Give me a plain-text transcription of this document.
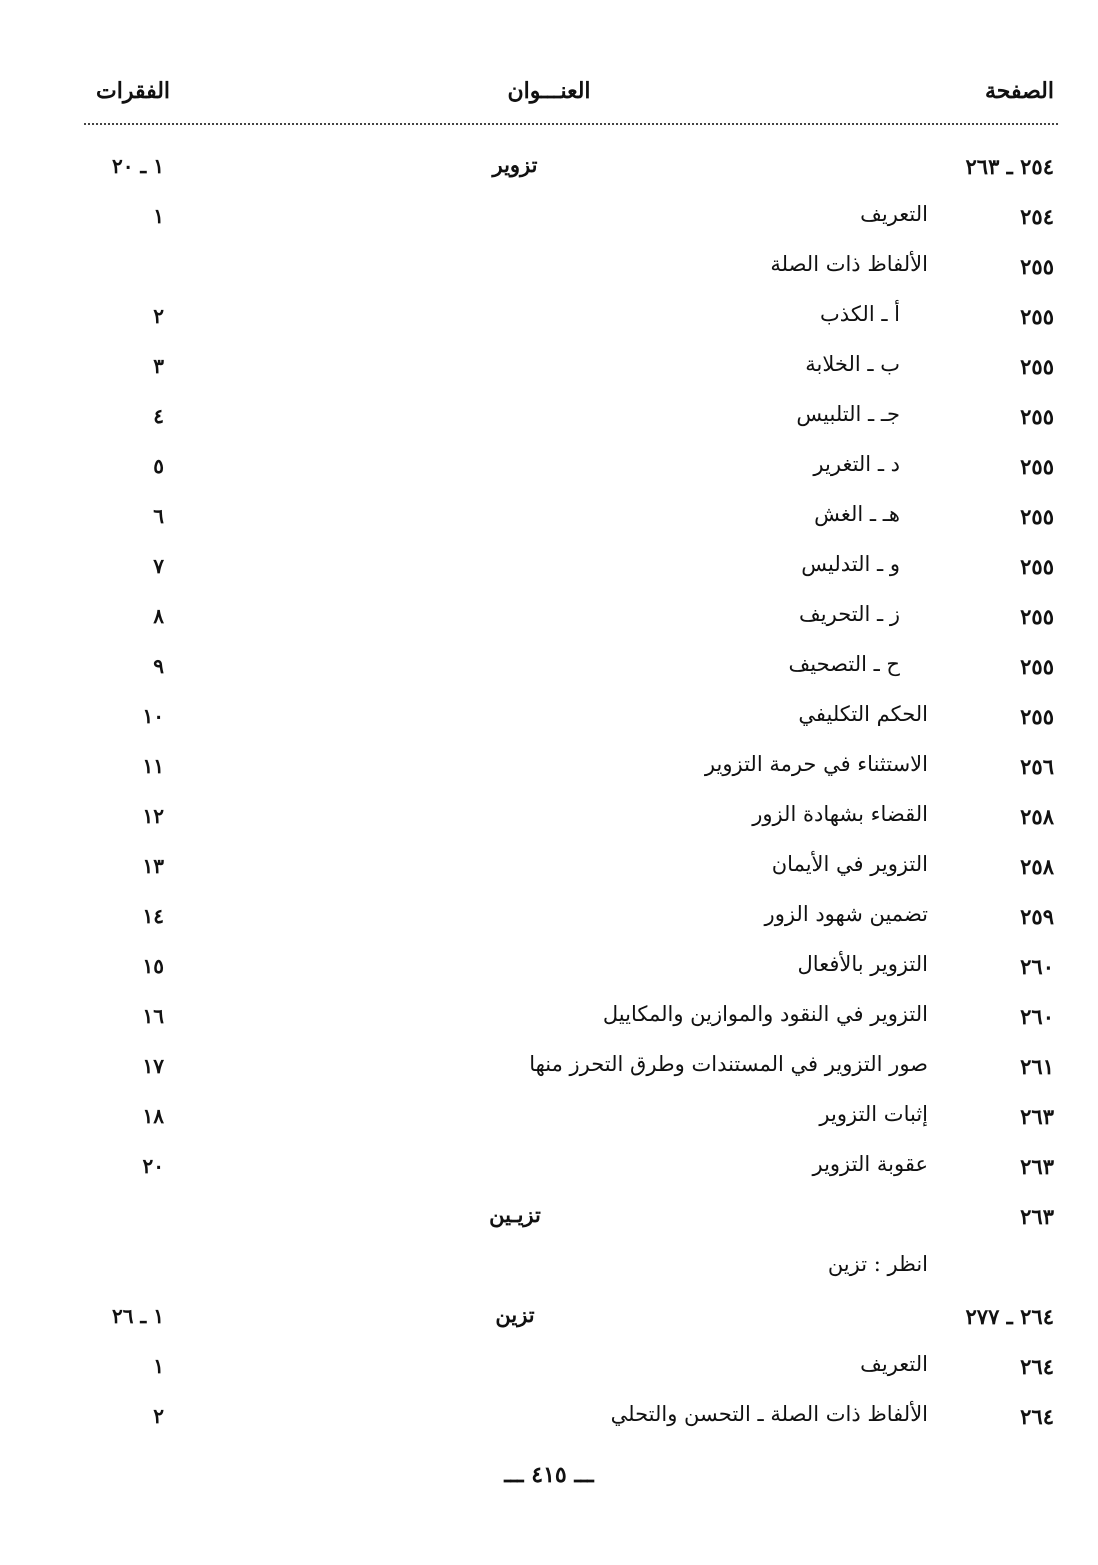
الصفحة
العنـــوان
الفقرات
٢٥٤ ـ ٢٦٣
تزوير
١ ـ ٢٠
٢٥٤
التعريف
١
٢٥٥
الألفاظ ذات الصلة
٢٥٥
أ ـ الكذب
٢
٢٥٥
ب ـ الخلابة
٣
٢٥٥
جـ ـ التلبيس
٤
٢٥٥
د ـ التغرير
٥
٢٥٥
هـ ـ الغش
٦
٢٥٥
و ـ التدليس
٧
٢٥٥
ز ـ التحريف
٨
٢٥٥
ح ـ التصحيف
٩
٢٥٥
الحكم التكليفي
١٠
٢٥٦
الاستثناء في حرمة التزوير
١١
٢٥٨
القضاء بشهادة الزور
١٢
٢٥٨
التزوير في الأيمان
١٣
٢٥٩
تضمين شهود الزور
١٤
٢٦٠
التزوير بالأفعال
١٥
٢٦٠
التزوير في النقود والموازين والمكاييل
١٦
٢٦١
صور التزوير في المستندات وطرق التحرز منها
١٧
٢٦٣
إثبات التزوير
١٨
٢٦٣
عقوبة التزوير
٢٠
٢٦٣
تزيـين
انظر : تزين
٢٦٤ ـ ٢٧٧
تزين
١ ـ ٢٦
٢٦٤
التعريف
١
٢٦٤
الألفاظ ذات الصلة ـ التحسن والتحلي
٢
ـــ ٤١٥ ـــ
